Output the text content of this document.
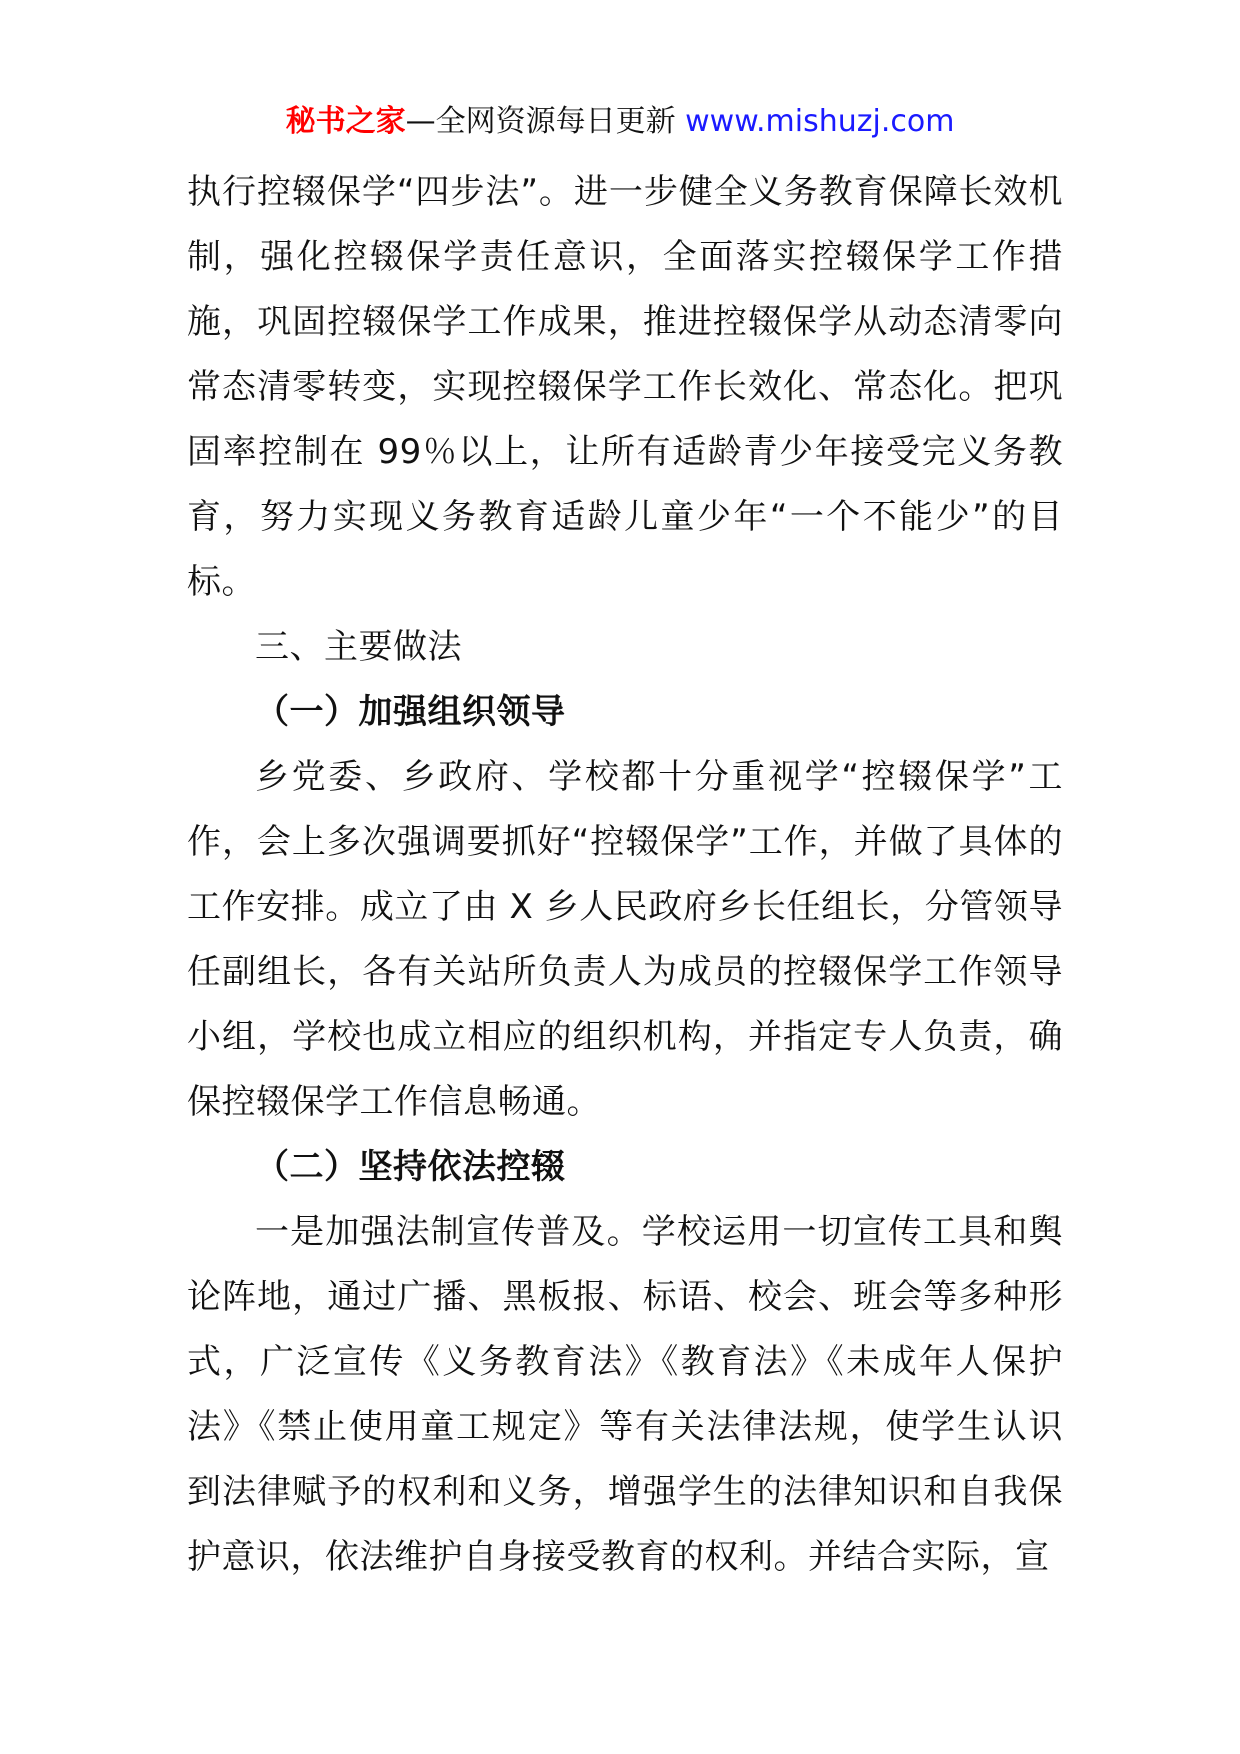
秘书之家—全网资源每日更新 www.mishuzj.com

执行控辍保学“四步法”。进一步健全义务教育保障长效机制，强化控辍保学责任意识，全面落实控辍保学工作措施，巩固控辍保学工作成果，推进控辍保学从动态清零向常态清零转变，实现控辍保学工作长效化、常态化。把巩固率控制在 99％以上，让所有适龄青少年接受完义务教育，努力实现义务教育适龄儿童少年“一个不能少”的目标。

三、主要做法

（一）加强组织领导

乡党委、乡政府、学校都十分重视学“控辍保学”工作，会上多次强调要抓好“控辍保学”工作，并做了具体的工作安排。成立了由 X 乡人民政府乡长任组长，分管领导任副组长，各有关站所负责人为成员的控辍保学工作领导小组，学校也成立相应的组织机构，并指定专人负责，确保控辍保学工作信息畅通。

（二）坚持依法控辍

一是加强法制宣传普及。学校运用一切宣传工具和舆论阵地，通过广播、黑板报、标语、校会、班会等多种形式，广泛宣传《义务教育法》《教育法》《未成年人保护法》《禁止使用童工规定》等有关法律法规，使学生认识到法律赋予的权利和义务，增强学生的法律知识和自我保护意识，依法维护自身接受教育的权利。并结合实际，宣
